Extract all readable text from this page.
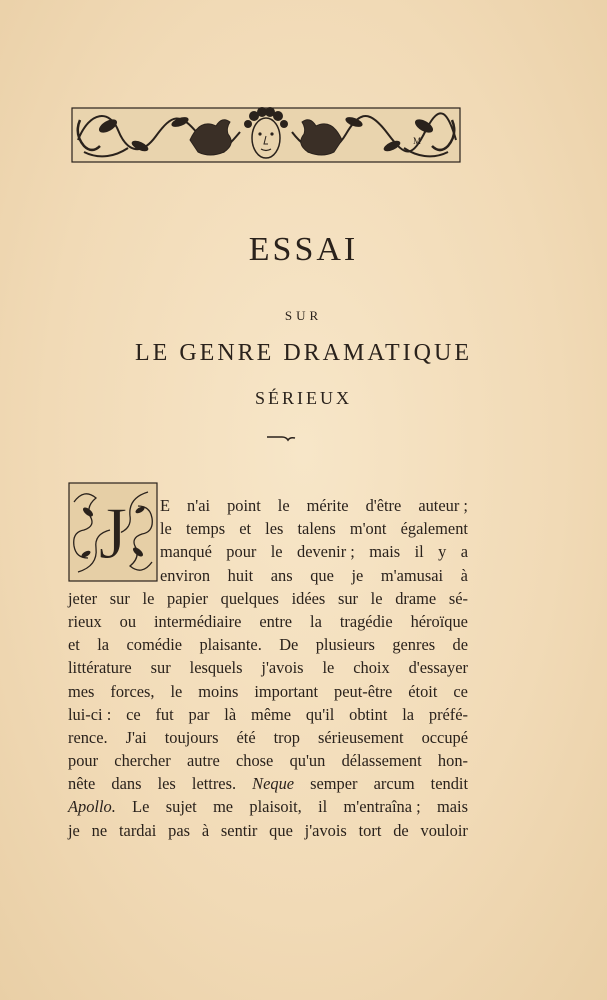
M
ESSAI
SUR
LE GENRE DRAMATIQUE
SÉRIEUX
J E n'ai point le mérite d'être auteur ;
le temps et les talens m'ont également
manqué pour le devenir ; mais il y a
environ huit ans que je m'amusai à
jeter sur le papier quelques idées sur le drame sé-
rieux ou intermédiaire entre la tragédie héroïque
et la comédie plaisante. De plusieurs genres de
littérature sur lesquels j'avois le choix d'essayer
mes forces, le moins important peut-être étoit ce
lui-ci : ce fut par là même qu'il obtint la préfé-
rence. J'ai toujours été trop sérieusement occupé
pour chercher autre chose qu'un délassement hon-
nête dans les lettres. Neque semper arcum tendit
Apollo. Le sujet me plaisoit, il m'entraîna ; mais
je ne tardai pas à sentir que j'avois tort de vouloir
